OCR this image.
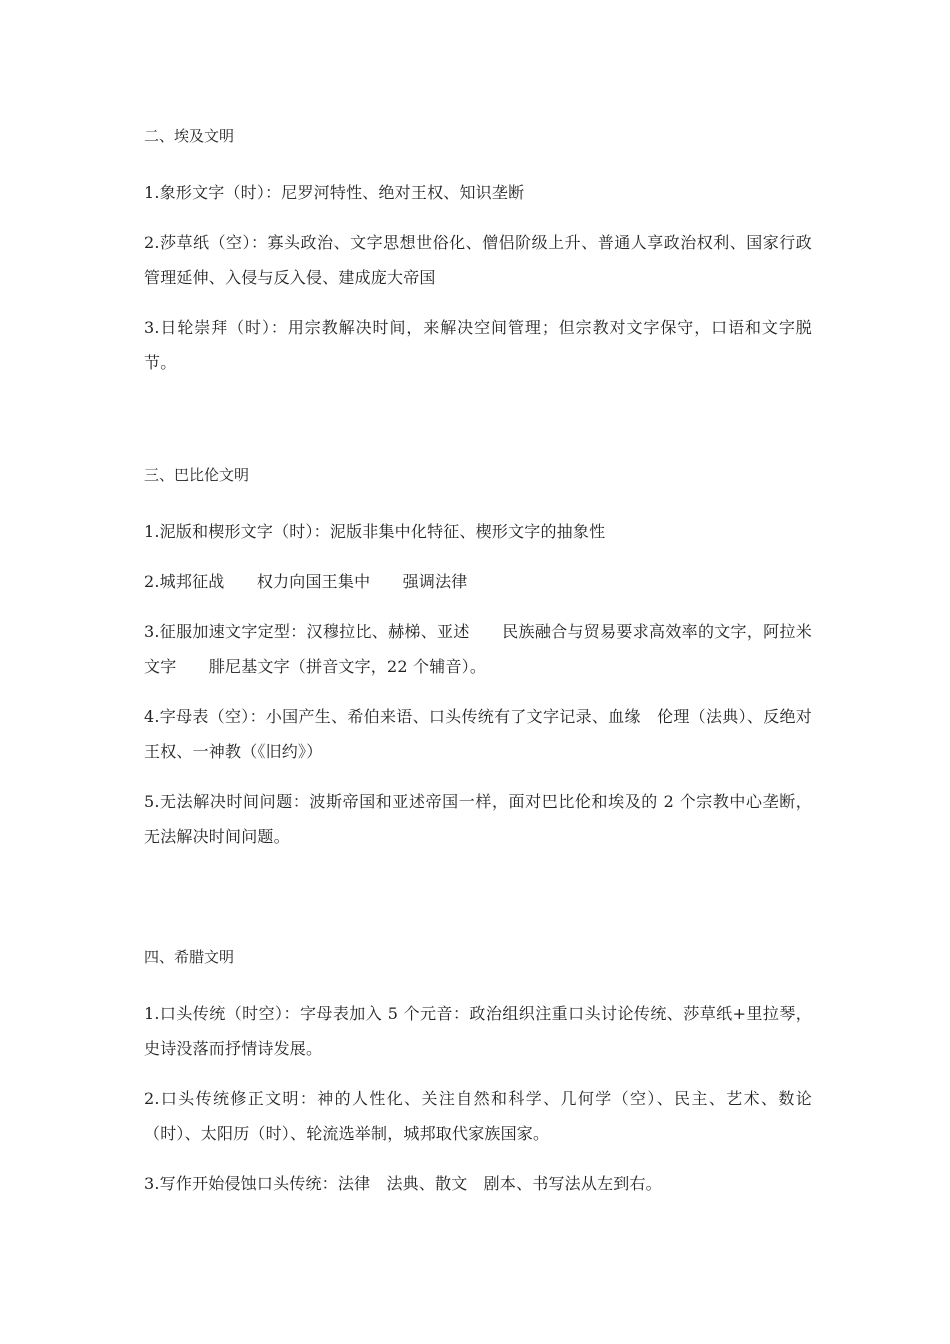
二、埃及文明

1.象形文字（时）：尼罗河特性、绝对王权、知识垄断

2.莎草纸（空）：寡头政治、文字思想世俗化、僧侣阶级上升、普通人享政治权利、国家行政管理延伸、入侵与反入侵、建成庞大帝国

3.日轮崇拜（时）：用宗教解决时间，来解决空间管理；但宗教对文字保守，口语和文字脱节。

三、巴比伦文明

1.泥版和楔形文字（时）：泥版非集中化特征、楔形文字的抽象性

2.城邦征战　　权力向国王集中　　强调法律

3.征服加速文字定型：汉穆拉比、赫梯、亚述　　民族融合与贸易要求高效率的文字，阿拉米文字　　腓尼基文字（拼音文字，22 个辅音）。

4.字母表（空）：小国产生、希伯来语、口头传统有了文字记录、血缘　伦理（法典）、反绝对王权、一神教（《旧约》）

5.无法解决时间问题：波斯帝国和亚述帝国一样，面对巴比伦和埃及的 2 个宗教中心垄断，无法解决时间问题。

四、希腊文明

1.口头传统（时空）：字母表加入 5 个元音：政治组织注重口头讨论传统、莎草纸+里拉琴，史诗没落而抒情诗发展。

2.口头传统修正文明：神的人性化、关注自然和科学、几何学（空）、民主、艺术、数论（时）、太阳历（时）、轮流选举制，城邦取代家族国家。

3.写作开始侵蚀口头传统：法律　法典、散文　剧本、书写法从左到右。
